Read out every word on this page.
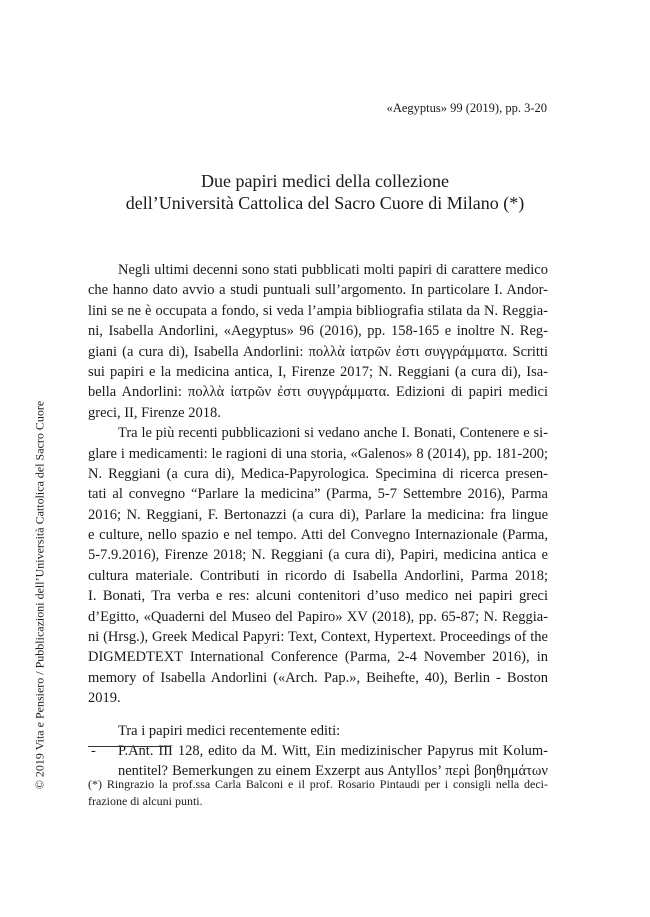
«Aegyptus» 99 (2019), pp. 3-20
Due papiri medici della collezione
dell’Università Cattolica del Sacro Cuore di Milano (*)
© 2019 Vita e Pensiero / Pubblicazioni dell’Università Cattolica del Sacro Cuore
Negli ultimi decenni sono stati pubblicati molti papiri di carattere medico
che hanno dato avvio a studi puntuali sull’argomento. In particolare I. Andor-
lini se ne è occupata a fondo, si veda l’ampia bibliografia stilata da N. Reggia-
ni, Isabella Andorlini, «Aegyptus» 96 (2016), pp. 158-165 e inoltre N. Reg-
giani (a cura di), Isabella Andorlini: πολλὰ ἰατρῶν ἐστι συγγράμματα. Scritti
sui papiri e la medicina antica, I, Firenze 2017; N. Reggiani (a cura di), Isa-
bella Andorlini: πολλὰ ἰατρῶν ἐστι συγγράμματα. Edizioni di papiri medici
greci, II, Firenze 2018.
Tra le più recenti pubblicazioni si vedano anche I. Bonati, Contenere e si-
glare i medicamenti: le ragioni di una storia, «Galenos» 8 (2014), pp. 181-200;
N. Reggiani (a cura di), Medica-Papyrologica. Specimina di ricerca presen-
tati al convegno “Parlare la medicina” (Parma, 5-7 Settembre 2016), Parma
2016; N. Reggiani, F. Bertonazzi (a cura di), Parlare la medicina: fra lingue
e culture, nello spazio e nel tempo. Atti del Convegno Internazionale (Parma,
5-7.9.2016), Firenze 2018; N. Reggiani (a cura di), Papiri, medicina antica e
cultura materiale. Contributi in ricordo di Isabella Andorlini, Parma 2018;
I. Bonati, Tra verba e res: alcuni contenitori d’uso medico nei papiri greci
d’Egitto, «Quaderni del Museo del Papiro» XV (2018), pp. 65-87; N. Reggia-
ni (Hrsg.), Greek Medical Papyri: Text, Context, Hypertext. Proceedings of the
DIGMEDTEXT International Conference (Parma, 2-4 November 2016), in
memory of Isabella Andorlini («Arch. Pap.», Beihefte, 40), Berlin - Boston
2019.
Tra i papiri medici recentemente editi:
- P.Ant. III 128, edito da M. Witt, Ein medizinischer Papyrus mit Kolum-
nentitel? Bemerkungen zu einem Exzerpt aus Antyllos’ περὶ βοηθημάτων
(*) Ringrazio la prof.ssa Carla Balconi e il prof. Rosario Pintaudi per i consigli nella deci-
frazione di alcuni punti.
